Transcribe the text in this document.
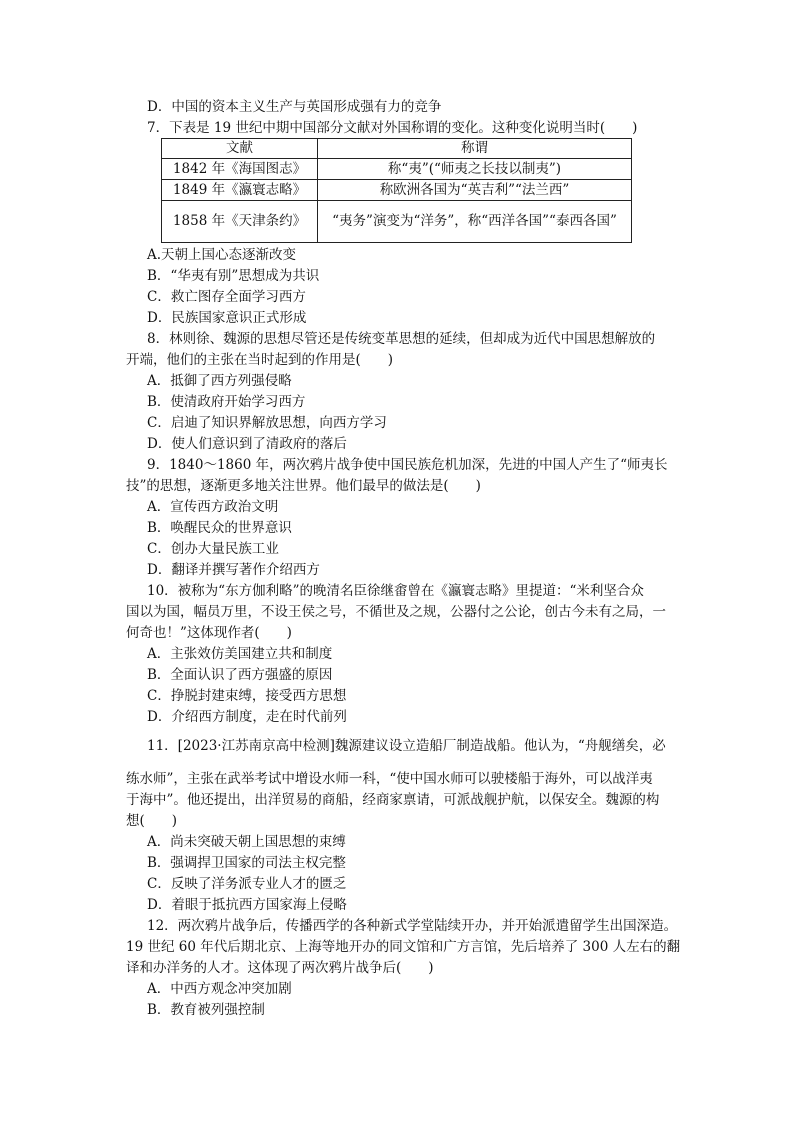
D．中国的资本主义生产与英国形成强有力的竞争
7．下表是 19 世纪中期中国部分文献对外国称谓的变化。这种变化说明当时(　　)
文献	称谓
1842 年《海国图志》	称“夷”(“师夷之长技以制夷”)
1849 年《瀛寰志略》	称欧洲各国为“英吉利”“法兰西”
1858 年《天津条约》	“夷务”演变为“洋务”，称“西洋各国”“泰西各国”
A.天朝上国心态逐渐改变
B．“华夷有别”思想成为共识
C．救亡图存全面学习西方
D．民族国家意识正式形成
8．林则徐、魏源的思想尽管还是传统变革思想的延续，但却成为近代中国思想解放的
开端，他们的主张在当时起到的作用是(　　)
A．抵御了西方列强侵略
B．使清政府开始学习西方
C．启迪了知识界解放思想，向西方学习
D．使人们意识到了清政府的落后
9．1840～1860 年，两次鸦片战争使中国民族危机加深，先进的中国人产生了“师夷长
技”的思想，逐渐更多地关注世界。他们最早的做法是(　　)
A．宣传西方政治文明
B．唤醒民众的世界意识
C．创办大量民族工业
D．翻译并撰写著作介绍西方
10．被称为“东方伽利略”的晚清名臣徐继畬曾在《瀛寰志略》里提道：“米利坚合众
国以为国，幅员万里，不设王侯之号，不循世及之规，公器付之公论，创古今未有之局，一
何奇也！”这体现作者(　　)
A．主张效仿美国建立共和制度
B．全面认识了西方强盛的原因
C．挣脱封建束缚，接受西方思想
D．介绍西方制度，走在时代前列
11．[2023·江苏南京高中检测]魏源建议设立造船厂制造战船。他认为，“舟舰缮矣，必
练水师”，主张在武举考试中增设水师一科，“使中国水师可以驶楼船于海外，可以战洋夷
于海中”。他还提出，出洋贸易的商船，经商家禀请，可派战舰护航，以保安全。魏源的构
想(　　)
A．尚未突破天朝上国思想的束缚
B．强调捍卫国家的司法主权完整
C．反映了洋务派专业人才的匮乏
D．着眼于抵抗西方国家海上侵略
12．两次鸦片战争后，传播西学的各种新式学堂陆续开办，并开始派遣留学生出国深造。
19 世纪 60 年代后期北京、上海等地开办的同文馆和广方言馆，先后培养了 300 人左右的翻
译和办洋务的人才。这体现了两次鸦片战争后(　　)
A．中西方观念冲突加剧
B．教育被列强控制
